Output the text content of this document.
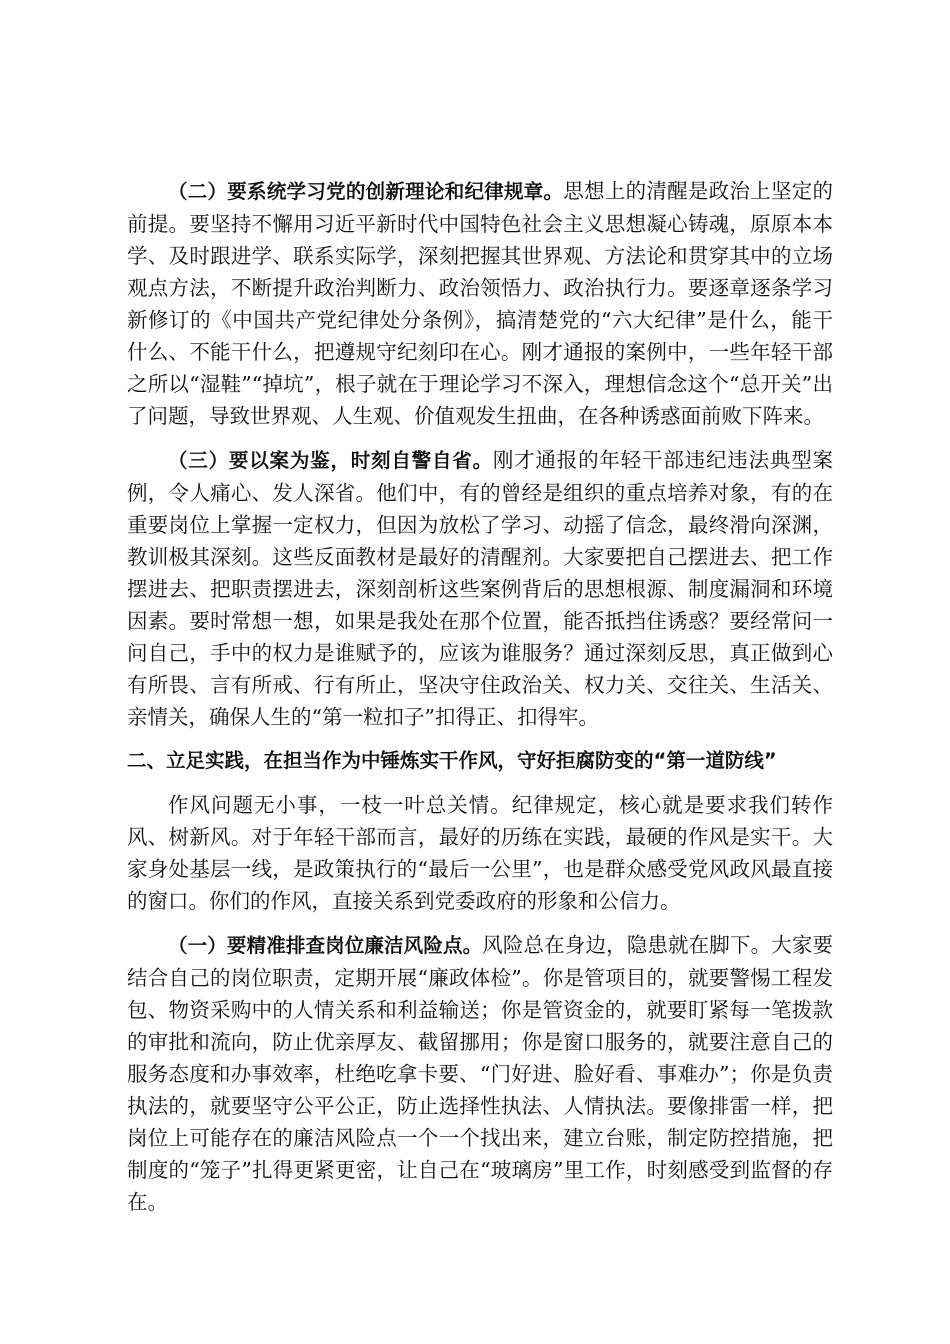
（二）要系统学习党的创新理论和纪律规章。思想上的清醒是政治上坚定的前提。要坚持不懈用习近平新时代中国特色社会主义思想凝心铸魂，原原本本学、及时跟进学、联系实际学，深刻把握其世界观、方法论和贯穿其中的立场观点方法，不断提升政治判断力、政治领悟力、政治执行力。要逐章逐条学习新修订的《中国共产党纪律处分条例》，搞清楚党的“六大纪律”是什么，能干什么、不能干什么，把遵规守纪刻印在心。刚才通报的案例中，一些年轻干部之所以“湿鞋”“掉坑”，根子就在于理论学习不深入，理想信念这个“总开关”出了问题，导致世界观、人生观、价值观发生扭曲，在各种诱惑面前败下阵来。

（三）要以案为鉴，时刻自警自省。刚才通报的年轻干部违纪违法典型案例，令人痛心、发人深省。他们中，有的曾经是组织的重点培养对象，有的在重要岗位上掌握一定权力，但因为放松了学习、动摇了信念，最终滑向深渊，教训极其深刻。这些反面教材是最好的清醒剂。大家要把自己摆进去、把工作摆进去、把职责摆进去，深刻剖析这些案例背后的思想根源、制度漏洞和环境因素。要时常想一想，如果是我处在那个位置，能否抵挡住诱惑？要经常问一问自己，手中的权力是谁赋予的，应该为谁服务？通过深刻反思，真正做到心有所畏、言有所戒、行有所止，坚决守住政治关、权力关、交往关、生活关、亲情关，确保人生的“第一粒扣子”扣得正、扣得牢。

二、立足实践，在担当作为中锤炼实干作风，守好拒腐防变的“第一道防线”

作风问题无小事，一枝一叶总关情。纪律规定，核心就是要求我们转作风、树新风。对于年轻干部而言，最好的历练在实践，最硬的作风是实干。大家身处基层一线，是政策执行的“最后一公里”，也是群众感受党风政风最直接的窗口。你们的作风，直接关系到党委政府的形象和公信力。

（一）要精准排查岗位廉洁风险点。风险总在身边，隐患就在脚下。大家要结合自己的岗位职责，定期开展“廉政体检”。你是管项目的，就要警惕工程发包、物资采购中的人情关系和利益输送；你是管资金的，就要盯紧每一笔拨款的审批和流向，防止优亲厚友、截留挪用；你是窗口服务的，就要注意自己的服务态度和办事效率，杜绝吃拿卡要、“门好进、脸好看、事难办”；你是负责执法的，就要坚守公平公正，防止选择性执法、人情执法。要像排雷一样，把岗位上可能存在的廉洁风险点一个一个找出来，建立台账，制定防控措施，把制度的“笼子”扎得更紧更密，让自己在“玻璃房”里工作，时刻感受到监督的存在。
